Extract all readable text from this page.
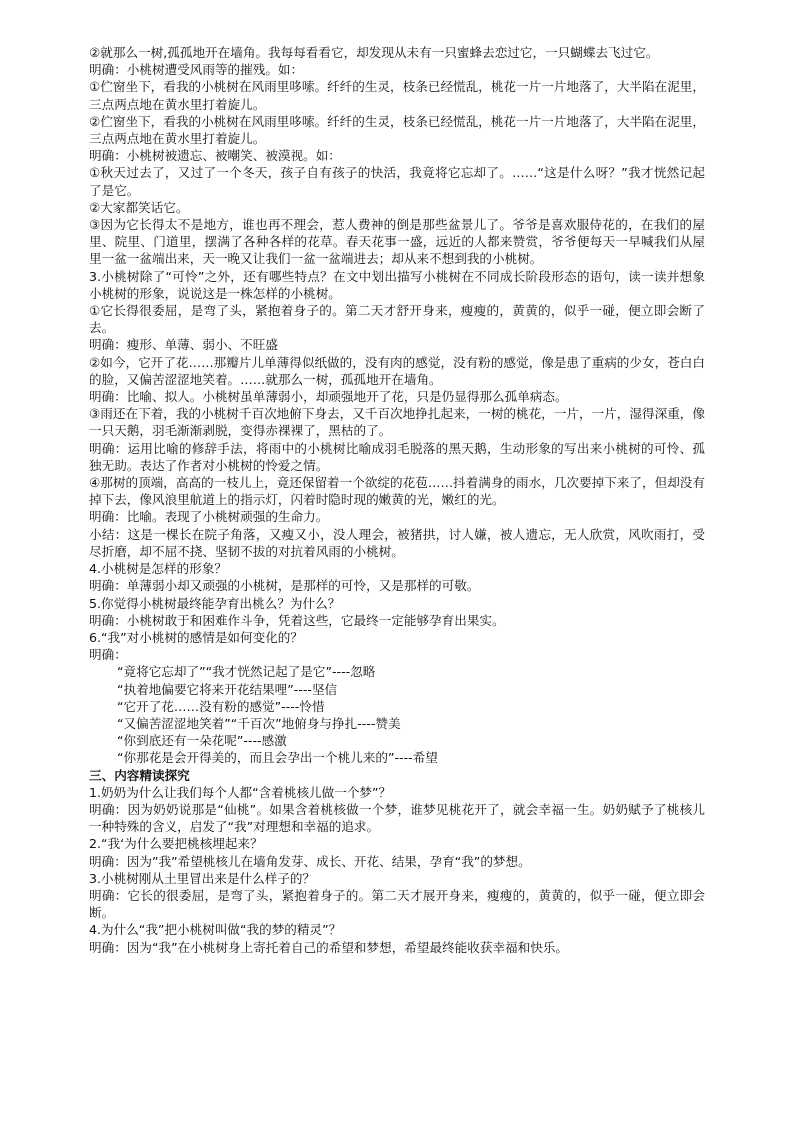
②就那么一树,孤孤地开在墙角。我每每看看它，却发现从未有一只蜜蜂去恋过它，一只蝴蝶去飞过它。

明确：小桃树遭受风雨等的摧残。如：

①伫窗坐下，看我的小桃树在风雨里哆嗦。纤纤的生灵，枝条已经慌乱，桃花一片一片地落了，大半陷在泥里，三点两点地在黄水里打着旋儿。

②伫窗坐下，看我的小桃树在风雨里哆嗦。纤纤的生灵，枝条已经慌乱，桃花一片一片地落了，大半陷在泥里，三点两点地在黄水里打着旋儿。

明确：小桃树被遗忘、被嘲笑、被漠视。如：

①秋天过去了，又过了一个冬天，孩子自有孩子的快活，我竟将它忘却了。……“这是什么呀？”我才恍然记起了是它。

②大家都笑话它。

③因为它长得太不是地方，谁也再不理会，惹人费神的倒是那些盆景儿了。爷爷是喜欢服侍花的，在我们的屋里、院里、门道里，摆满了各种各样的花草。春天花事一盛，远近的人都来赞赏，爷爷便每天一早喊我们从屋里一盆一盆端出来，天一晚又让我们一盆一盆端进去；却从来不想到我的小桃树。

3.小桃树除了“可怜”之外，还有哪些特点？在文中划出描写小桃树在不同成长阶段形态的语句，读一读并想象小桃树的形象，说说这是一株怎样的小桃树。

①它长得很委屈，是弯了头，紧抱着身子的。第二天才舒开身来，瘦瘦的，黄黄的，似乎一碰，便立即会断了去。

明确：瘦形、单薄、弱小、不旺盛

②如今，它开了花……那瓣片儿单薄得似纸做的，没有肉的感觉，没有粉的感觉，像是患了重病的少女，苍白白的脸，又偏苦涩涩地笑着。……就那么一树，孤孤地开在墙角。

明确：比喻、拟人。小桃树虽单薄弱小，却顽强地开了花，只是仍显得那么孤单病态。

③雨还在下着，我的小桃树千百次地俯下身去，又千百次地挣扎起来，一树的桃花，一片，一片，湿得深重，像一只天鹅，羽毛渐渐剥脱，变得赤裸裸了，黑枯的了。

明确：运用比喻的修辞手法，将雨中的小桃树比喻成羽毛脱落的黑天鹅，生动形象的写出来小桃树的可怜、孤独无助。表达了作者对小桃树的怜爱之情。

④那树的顶端，高高的一枝儿上，竟还保留着一个欲绽的花苞……抖着满身的雨水，几次要掉下来了，但却没有掉下去，像风浪里航道上的指示灯，闪着时隐时现的嫩黄的光，嫩红的光。

明确：比喻。表现了小桃树顽强的生命力。

小结：这是一棵长在院子角落，又瘦又小，没人理会，被猪拱，讨人嫌，被人遗忘，无人欣赏，风吹雨打，受尽折磨，却不屈不挠、坚韧不拔的对抗着风雨的小桃树。

4.小桃树是怎样的形象？

明确：单薄弱小却又顽强的小桃树，是那样的可怜，又是那样的可敬。

5.你觉得小桃树最终能孕育出桃么？为什么？

明确：小桃树敢于和困难作斗争，凭着这些，它最终一定能够孕育出果实。

6.“我”对小桃树的感情是如何变化的？

明确：

“竟将它忘却了”“我才恍然记起了是它”----忽略

“执着地偏要它将来开花结果哩”----坚信

“它开了花……没有粉的感觉”----怜惜

“又偏苦涩涩地笑着”“千百次”地俯身与挣扎----赞美

“你到底还有一朵花呢”----感激

“你那花是会开得美的，而且会孕出一个桃儿来的”----希望

三、内容精读探究

1.奶奶为什么让我们每个人都“含着桃核儿做一个梦”？

明确：因为奶奶说那是“仙桃”。如果含着桃核做一个梦，谁梦见桃花开了，就会幸福一生。奶奶赋予了桃核儿一种特殊的含义，启发了“我”对理想和幸福的追求。

2.“我‘为什么要把桃核埋起来？

明确：因为”我”希望桃核儿在墙角发芽、成长、开花、结果，孕育“我”的梦想。

3.小桃树刚从土里冒出来是什么样子的？

明确：它长的很委屈，是弯了头，紧抱着身子的。第二天才展开身来，瘦瘦的，黄黄的，似乎一碰，便立即会断。

4.为什么“我”把小桃树叫做“我的梦的精灵”？

明确：因为“我”在小桃树身上寄托着自己的希望和梦想，希望最终能收获幸福和快乐。
